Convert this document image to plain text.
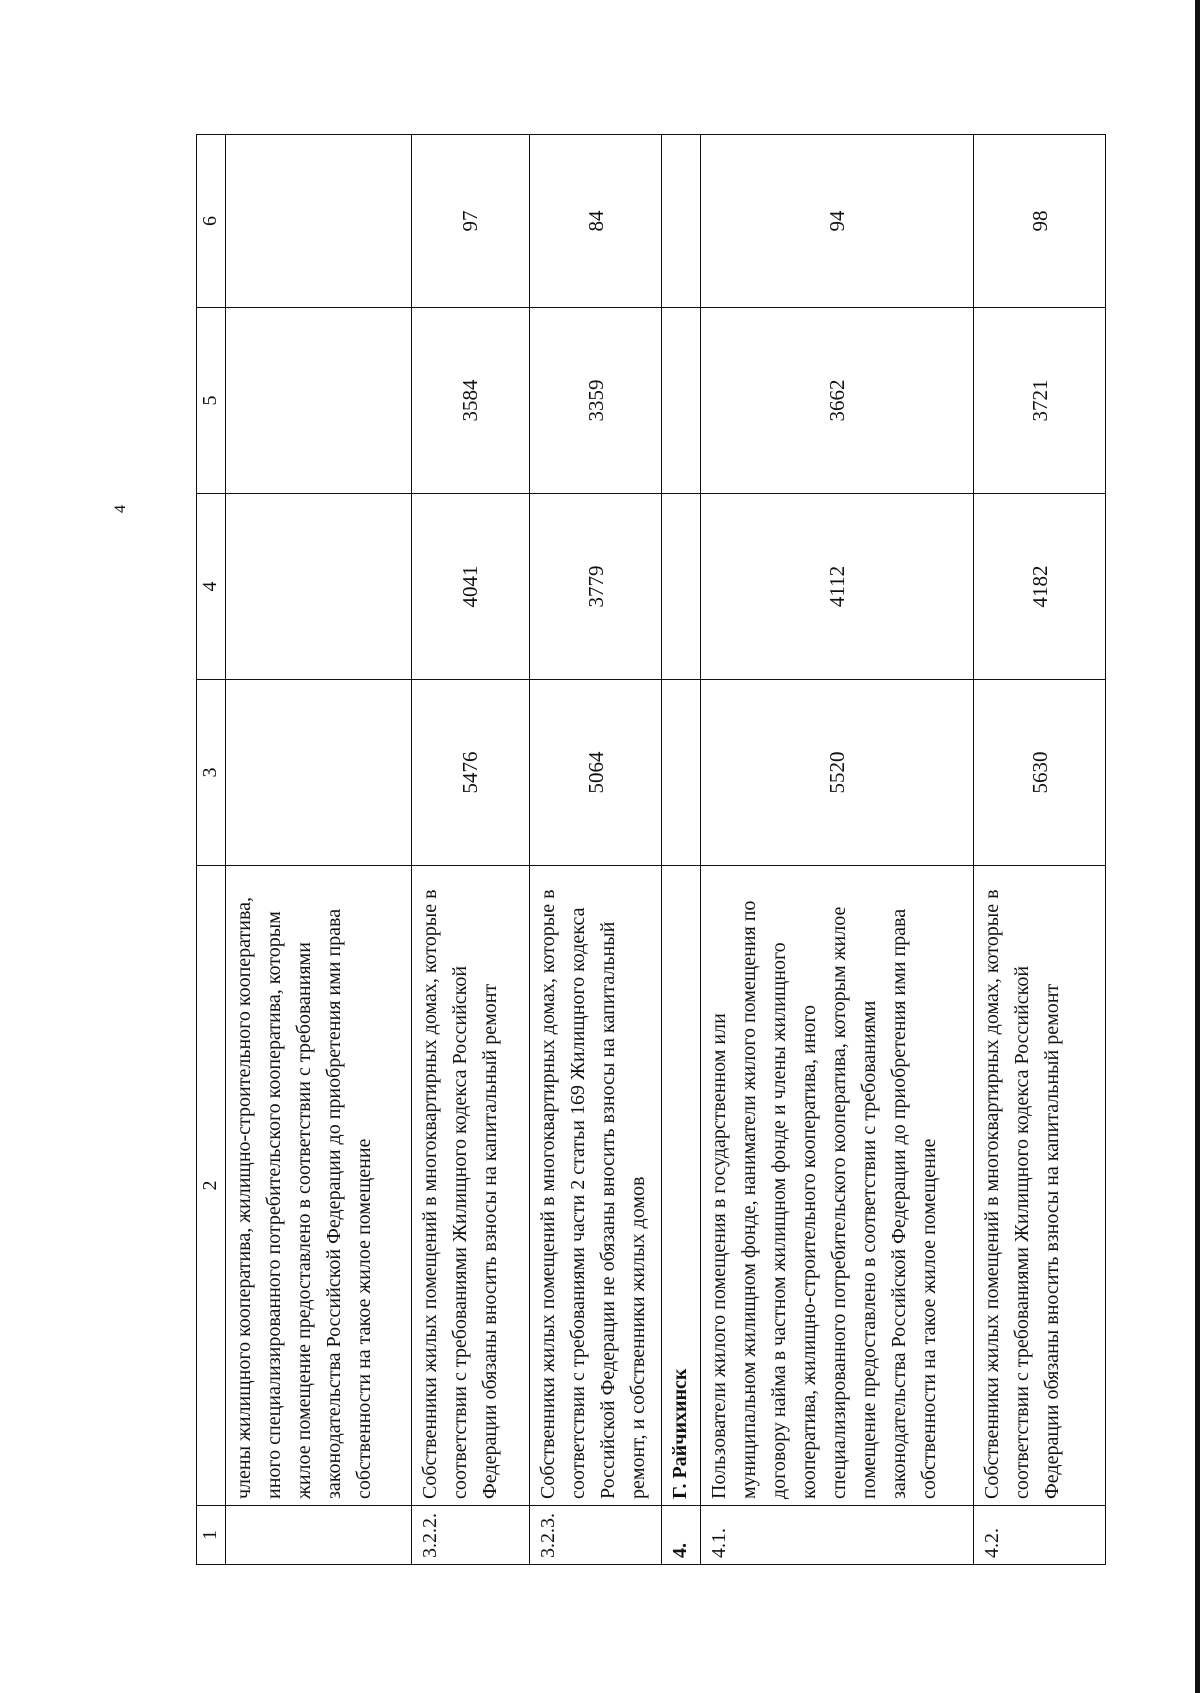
4
1	2	3	4	5	6
	члены жилищного кооператива, жилищно-строительного кооператива, иного специализированного потребительского кооператива, которым жилое помещение предоставлено в соответствии с требованиями законодательства Российской Федерации до приобретения ими права собственности на такое жилое помещение				
3.2.2.	Собственники жилых помещений в многоквартирных домах, которые в соответствии с требованиями Жилищного кодекса Российской Федерации обязаны вносить взносы на капитальный ремонт	5476	4041	3584	97
3.2.3.	Собственники жилых помещений в многоквартирных домах, которые в соответствии с требованиями части 2 статьи 169 Жилищного кодекса Российской Федерации не обязаны вносить взносы на капитальный ремонт, и собственники жилых домов	5064	3779	3359	84
4.	Г. Райчихинск				
4.1.	Пользователи жилого помещения в государственном или муниципальном жилищном фонде, наниматели жилого помещения по договору найма в частном жилищном фонде и члены жилищного кооператива, жилищно-строительного кооператива, иного специализированного потребительского кооператива, которым жилое помещение предоставлено в соответствии с требованиями законодательства Российской Федерации до приобретения ими права собственности на такое жилое помещение	5520	4112	3662	94
4.2.	Собственники жилых помещений в многоквартирных домах, которые в соответствии с требованиями Жилищного кодекса Российской Федерации обязаны вносить взносы на капитальный ремонт	5630	4182	3721	98
